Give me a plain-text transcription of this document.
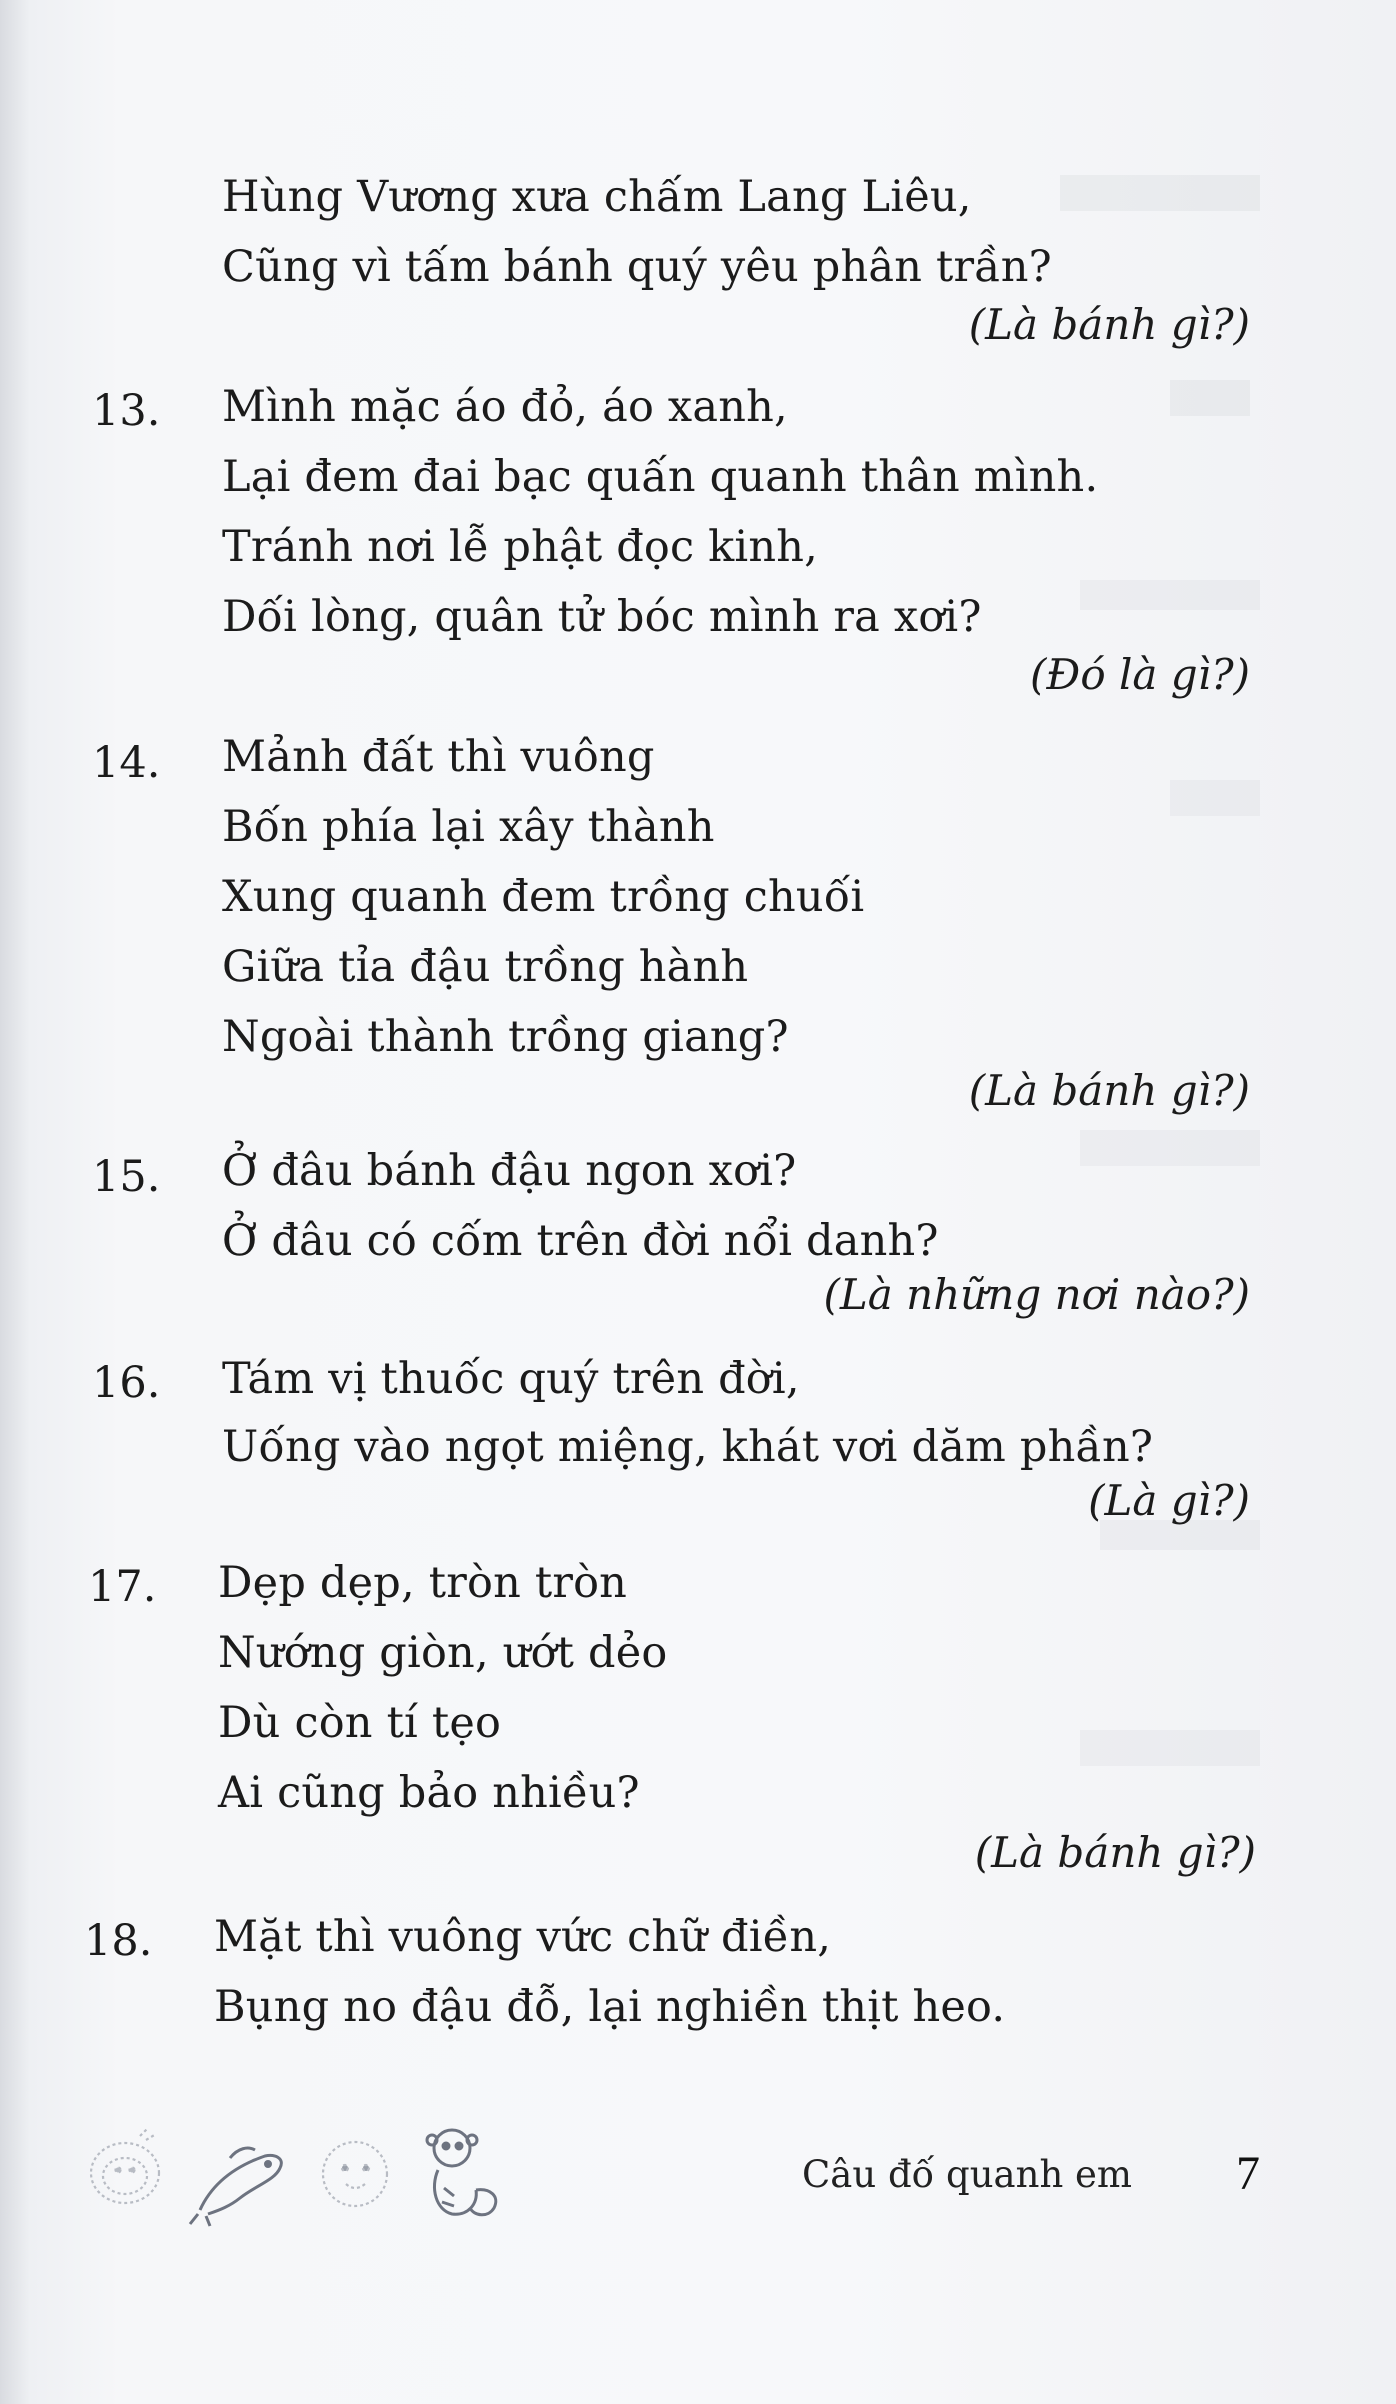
Hùng Vương xưa chấm Lang Liêu,
Cũng vì tấm bánh quý yêu phân trần?
(Là bánh gì?)
13. Mình mặc áo đỏ, áo xanh,
Lại đem đai bạc quấn quanh thân mình.
Tránh nơi lễ phật đọc kinh,
Dối lòng, quân tử bóc mình ra xơi?
(Đó là gì?)
14. Mảnh đất thì vuông
Bốn phía lại xây thành
Xung quanh đem trồng chuối
Giữa tỉa đậu trồng hành
Ngoài thành trồng giang?
(Là bánh gì?)
15. Ở đâu bánh đậu ngon xơi?
Ở đâu có cốm trên đời nổi danh?
(Là những nơi nào?)
16. Tám vị thuốc quý trên đời,
Uống vào ngọt miệng, khát vơi dăm phần?
(Là gì?)
17. Dẹp dẹp, tròn tròn
Nướng giòn, ướt dẻo
Dù còn tí tẹo
Ai cũng bảo nhiều?
(Là bánh gì?)
18. Mặt thì vuông vức chữ điền,
Bụng no đậu đỗ, lại nghiền thịt heo.
Câu đố quanh em 7
